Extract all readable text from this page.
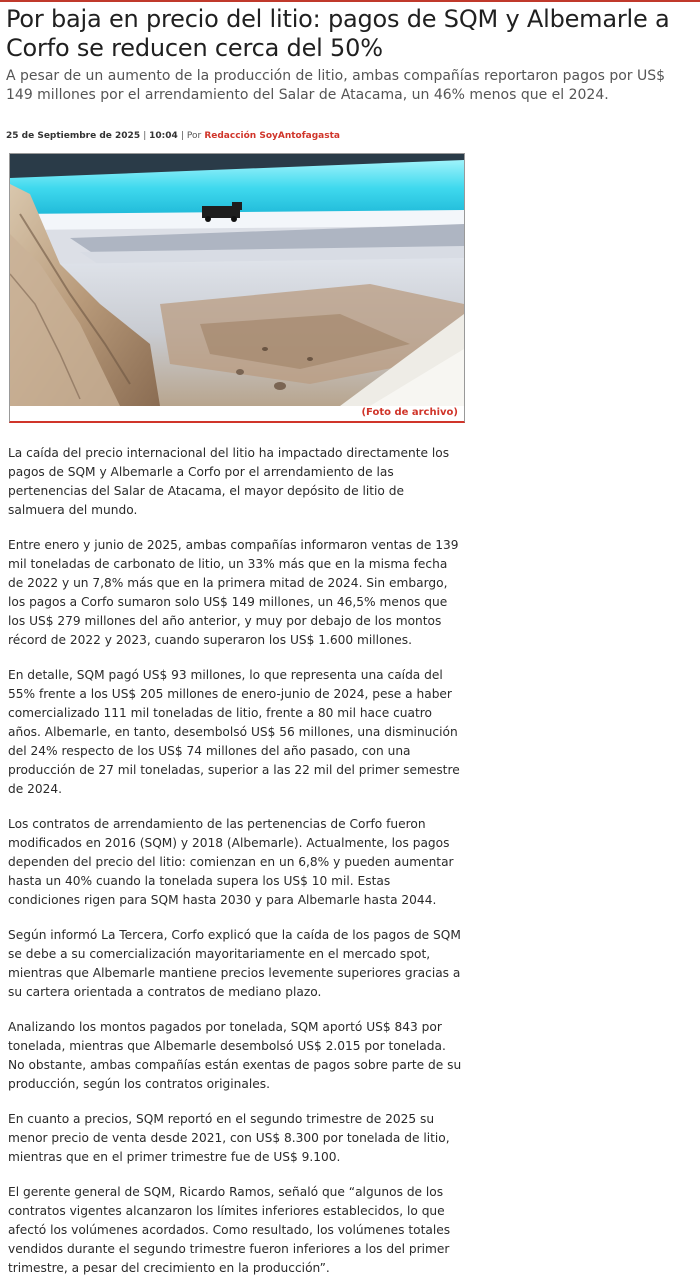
Por baja en precio del litio: pagos de SQM y Albemarle a Corfo se reducen cerca del 50%

A pesar de un aumento de la producción de litio, ambas compañías reportaron pagos por US$ 149 millones por el arrendamiento del Salar de Atacama, un 46% menos que el 2024.

25 de Septiembre de 2025 | 10:04 | Por Redacción SoyAntofagasta
(Foto de archivo)

La caída del precio internacional del litio ha impactado directamente los pagos de SQM y Albemarle a Corfo por el arrendamiento de las pertenencias del Salar de Atacama, el mayor depósito de litio de salmuera del mundo.

Entre enero y junio de 2025, ambas compañías informaron ventas de 139 mil toneladas de carbonato de litio, un 33% más que en la misma fecha de 2022 y un 7,8% más que en la primera mitad de 2024. Sin embargo, los pagos a Corfo sumaron solo US$ 149 millones, un 46,5% menos que los US$ 279 millones del año anterior, y muy por debajo de los montos récord de 2022 y 2023, cuando superaron los US$ 1.600 millones.

En detalle, SQM pagó US$ 93 millones, lo que representa una caída del 55% frente a los US$ 205 millones de enero-junio de 2024, pese a haber comercializado 111 mil toneladas de litio, frente a 80 mil hace cuatro años. Albemarle, en tanto, desembolsó US$ 56 millones, una disminución del 24% respecto de los US$ 74 millones del año pasado, con una producción de 27 mil toneladas, superior a las 22 mil del primer semestre de 2024.

Los contratos de arrendamiento de las pertenencias de Corfo fueron modificados en 2016 (SQM) y 2018 (Albemarle). Actualmente, los pagos dependen del precio del litio: comienzan en un 6,8% y pueden aumentar hasta un 40% cuando la tonelada supera los US$ 10 mil. Estas condiciones rigen para SQM hasta 2030 y para Albemarle hasta 2044.

Según informó La Tercera, Corfo explicó que la caída de los pagos de SQM se debe a su comercialización mayoritariamente en el mercado spot, mientras que Albemarle mantiene precios levemente superiores gracias a su cartera orientada a contratos de mediano plazo.

Analizando los montos pagados por tonelada, SQM aportó US$ 843 por tonelada, mientras que Albemarle desembolsó US$ 2.015 por tonelada. No obstante, ambas compañías están exentas de pagos sobre parte de su producción, según los contratos originales.

En cuanto a precios, SQM reportó en el segundo trimestre de 2025 su menor precio de venta desde 2021, con US$ 8.300 por tonelada de litio, mientras que en el primer trimestre fue de US$ 9.100.

El gerente general de SQM, Ricardo Ramos, señaló que “algunos de los contratos vigentes alcanzaron los límites inferiores establecidos, lo que afectó los volúmenes acordados. Como resultado, los volúmenes totales vendidos durante el segundo trimestre fueron inferiores a los del primer trimestre, a pesar del crecimiento en la producción”.
